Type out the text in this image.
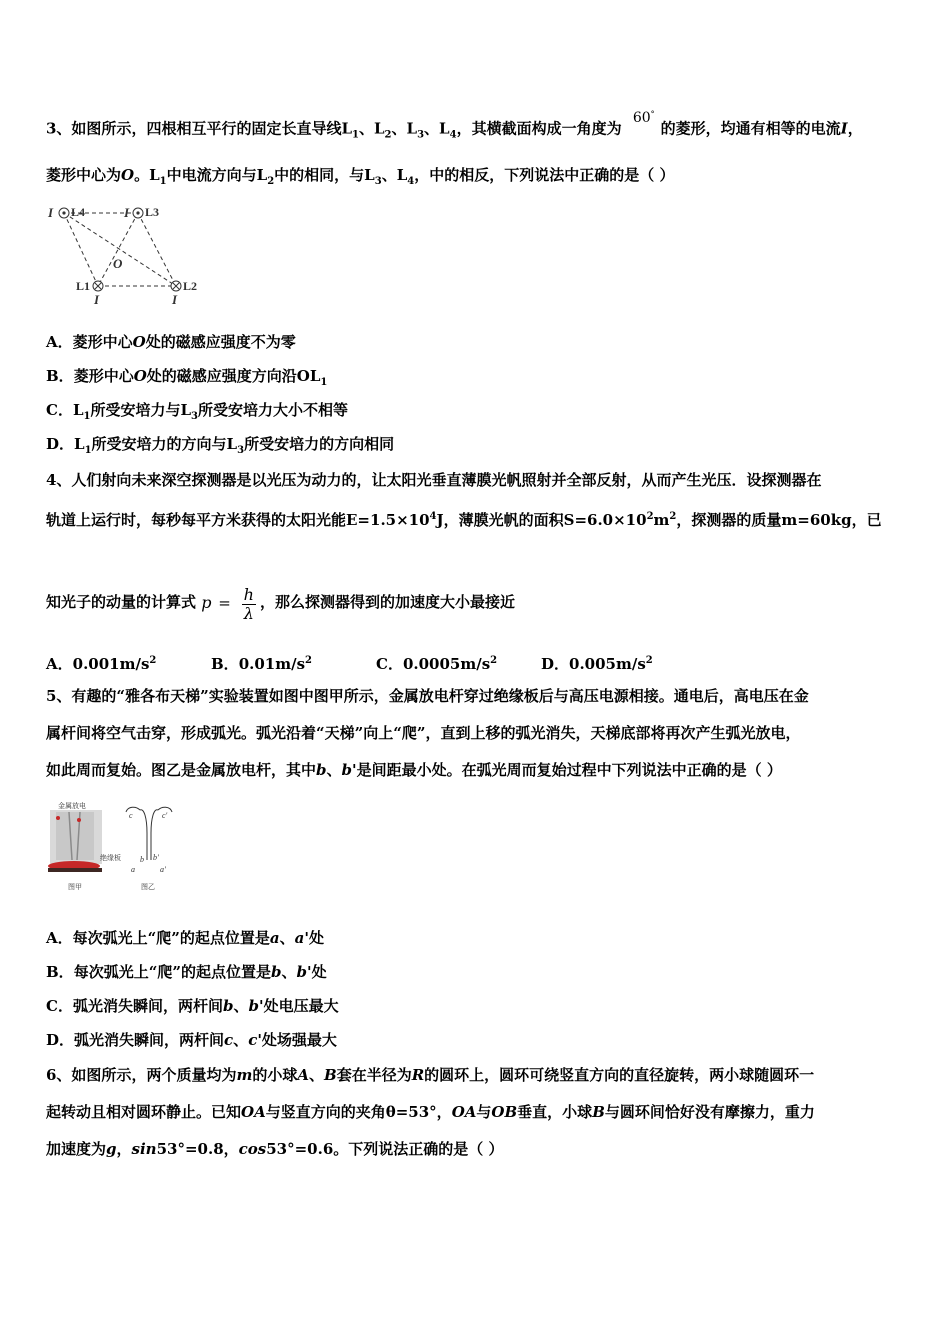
3、如图所示，四根相互平行的固定长直导线$L_1$、$L_2$、$L_3$、$L_4$，其横截面构成一角度为 60°的菱形，均通有相等的电流I，
菱形中心为O。$L_1$中电流方向与$L_2$中的相同，与$L_3$、$L_4$，中的相反，下列说法中正确的是（ ）
I	I
I	I
O
L4	L3
L1	L2
A．菱形中心O处的磁感应强度不为零
B．菱形中心O处的磁感应强度方向沿$OL_1$
C．$L_1$所受安培力与$L_3$所受安培力大小不相等
D．$L_1$所受安培力的方向与$L_3$所受安培力的方向相同
4、人们射向未来深空探测器是以光压为动力的，让太阳光垂直薄膜光帆照射并全部反射，从而产生光压．设探测器在
轨道上运行时，每秒每平方米获得的太阳光能$E=1.5\times 10^4J$，薄膜光帆的面积$S=6.0\times 10^2m^2$，探测器的质量m=60kg，已
知光子的动量的计算式 $p = \frac{h}{\lambda}$ ，那么探测器得到的加速度大小最接近
A．$0.001m/s^2$	B．$0.01m/s^2$	C．$0.0005m/s^2$	D．$0.005m/s^2$
5、有趣的“雅各布天梯”实验装置如图中图甲所示，金属放电杆穿过绝缘板后与高压电源相接。通电后，高电压在金
属杆间将空气击穿，形成弧光。弧光沿着“天梯”向上“爬”，直到上移的弧光消失，天梯底部将再次产生弧光放电，
如此周而复始。图乙是金属放电杆，其中b、b'是间距最小处。在弧光周而复始过程中下列说法中正确的是（ ）
金属放电
绝缘板
图甲
c	c'
b b'
a	a'
图乙
A．每次弧光上“爬”的起点位置是a、a'处
B．每次弧光上“爬”的起点位置是b、b'处
C．弧光消失瞬间，两杆间b、b'处电压最大
D．弧光消失瞬间，两杆间c、c'处场强最大
6、如图所示，两个质量均为m的小球A、B套在半径为R的圆环上，圆环可绕竖直方向的直径旋转，两小球随圆环一
起转动且相对圆环静止。已知OA与竖直方向的夹角θ=53°，OA与OB垂直，小球B与圆环间恰好没有摩擦力，重力
加速度为g，sin53°=0.8，cos53°=0.6。下列说法正确的是（ ）
